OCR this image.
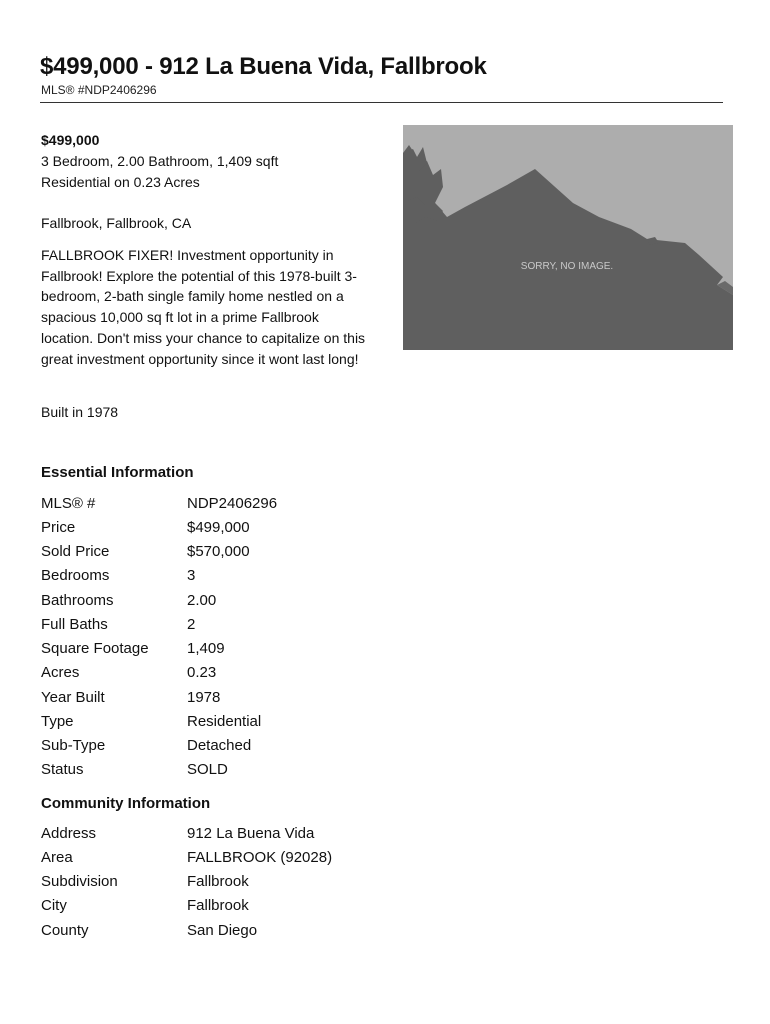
$499,000 - 912 La Buena Vida, Fallbrook
MLS® #NDP2406296
$499,000
3 Bedroom, 2.00 Bathroom, 1,409 sqft
Residential on 0.23 Acres
Fallbrook, Fallbrook, CA
FALLBROOK FIXER! Investment opportunity in Fallbrook! Explore the potential of this 1978-built 3-bedroom, 2-bath single family home nestled on a spacious 10,000 sq ft lot in a prime Fallbrook location. Don't miss your chance to capitalize on this great investment opportunity since it wont last long!
Built in 1978
SORRY, NO IMAGE.
Essential Information
MLS® #	NDP2406296
Price	$499,000
Sold Price	$570,000
Bedrooms	3
Bathrooms	2.00
Full Baths	2
Square Footage	1,409
Acres	0.23
Year Built	1978
Type	Residential
Sub-Type	Detached
Status	SOLD
Community Information
Address	912 La Buena Vida
Area	FALLBROOK (92028)
Subdivision	Fallbrook
City	Fallbrook
County	San Diego
